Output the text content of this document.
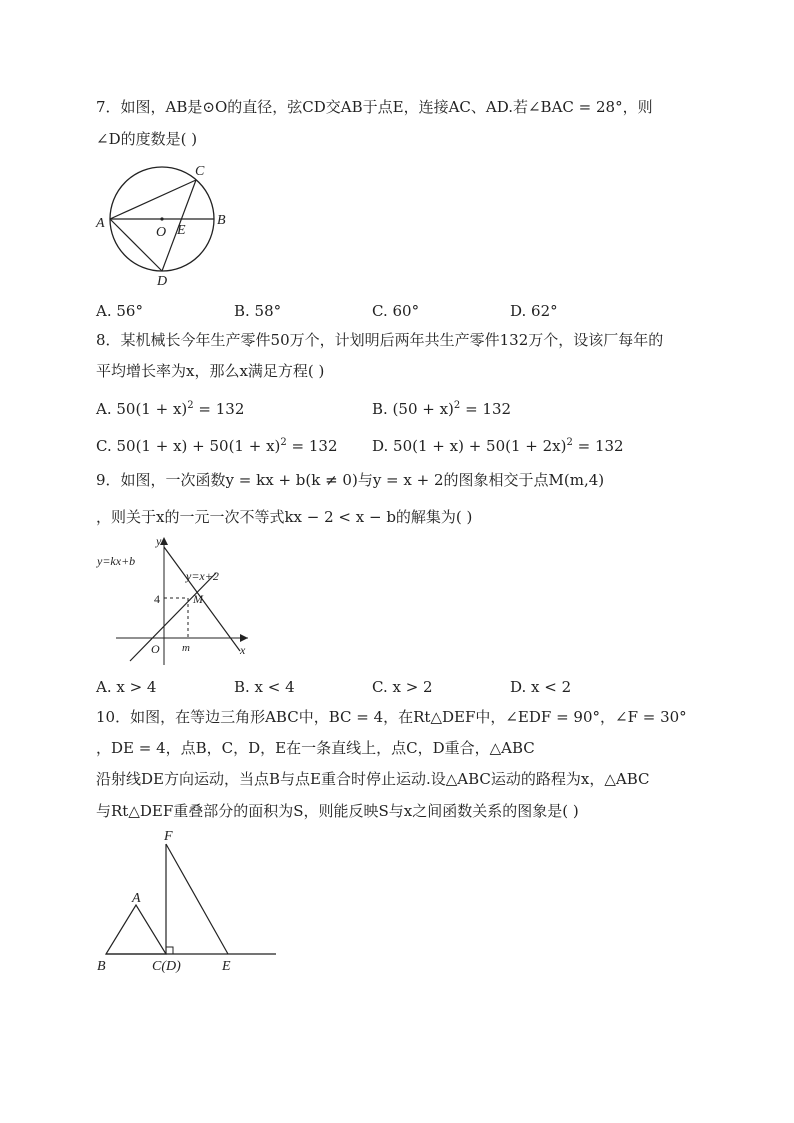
7．如图，AB是⊙O的直径，弦CD交AB于点E，连接AC、AD.若∠BAC = 28°，则
∠D的度数是( )
A	B
C
D
O E
A. 56°	B. 58°	C. 60°	D. 62°
8．某机械长今年生产零件50万个，计划明后两年共生产零件132万个，设该厂每年的
平均增长率为x，那么x满足方程( )
A. $50(1 + x)^2 = 132$	B. $(50 + x)^2 = 132$
C. $50(1 + x) + 50(1 + x)^2 = 132$ D. $50(1 + x) + 50(1 + 2x)^2 = 132$
9．如图，一次函数y = kx + b(k ≠ 0)与y = x + 2的图象相交于点M(m,4)
，则关于x的一元一次不等式kx − 2 < x − b的解集为( )
y=kx+b
y=x+2
y
x
4	M
O m
A. x > 4	B. x < 4	C. x > 2	D. x < 2
10．如图，在等边三角形ABC中，BC = 4，在Rt△DEF中，∠EDF = 90°，∠F = 30°
，DE = 4，点B，C，D，E在一条直线上，点C，D重合，△ABC
沿射线DE方向运动，当点B与点E重合时停止运动.设△ABC运动的路程为x，△ABC
与Rt△DEF重叠部分的面积为S，则能反映S与x之间函数关系的图象是( )
F
A
B	C(D)	E
